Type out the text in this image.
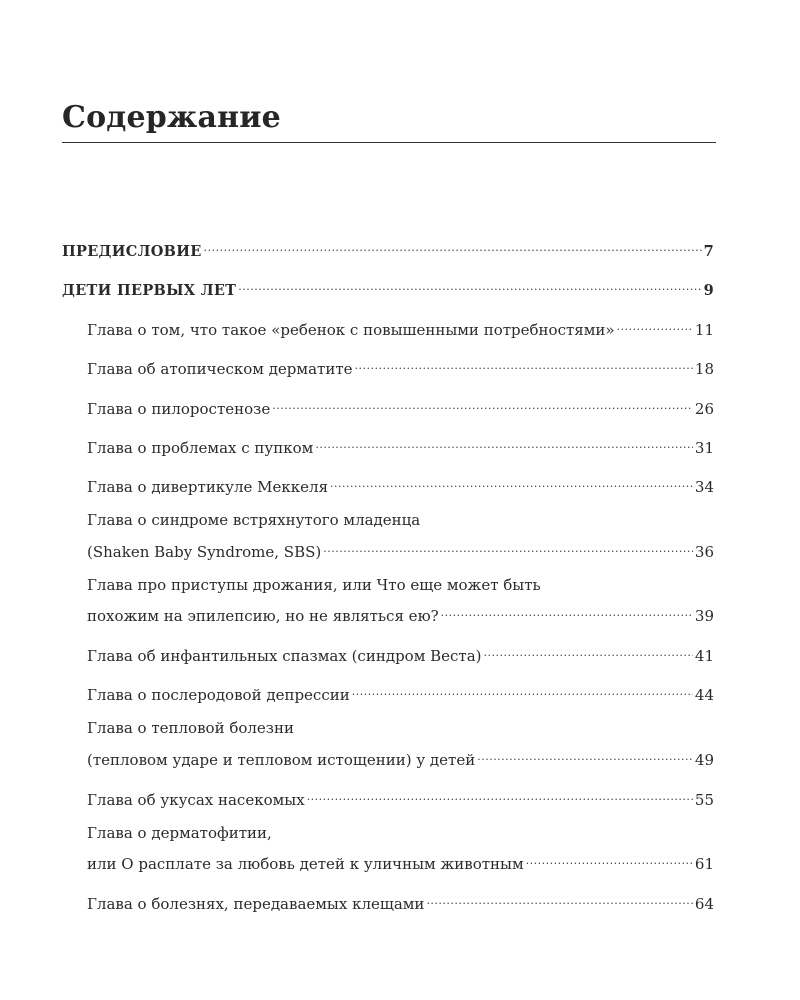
Содержание
ПРЕДИСЛОВИЕ .....	7
ДЕТИ ПЕРВЫХ ЛЕТ .....	9
Глава о том, что такое «ребенок с повышенными потребностями» .....	11
Глава об атопическом дерматите .....	18
Глава о пилоростенозе .....	26
Глава о проблемах с пупком .....	31
Глава о дивертикуле Меккеля .....	34
Глава о синдроме встряхнутого младенца
(Shaken Baby Syndrome, SBS) .....	36
Глава про приступы дрожания, или Что еще может быть
похожим на эпилепсию, но не являться ею? .....	39
Глава об инфантильных спазмах (синдром Веста) .....	41
Глава о послеродовой депрессии .....	44
Глава о тепловой болезни
(тепловом ударе и тепловом истощении) у детей .....	49
Глава об укусах насекомых .....	55
Глава о дерматофитии,
или О расплате за любовь детей к уличным животным .....	61
Глава о болезнях, передаваемых клещами .....	64
